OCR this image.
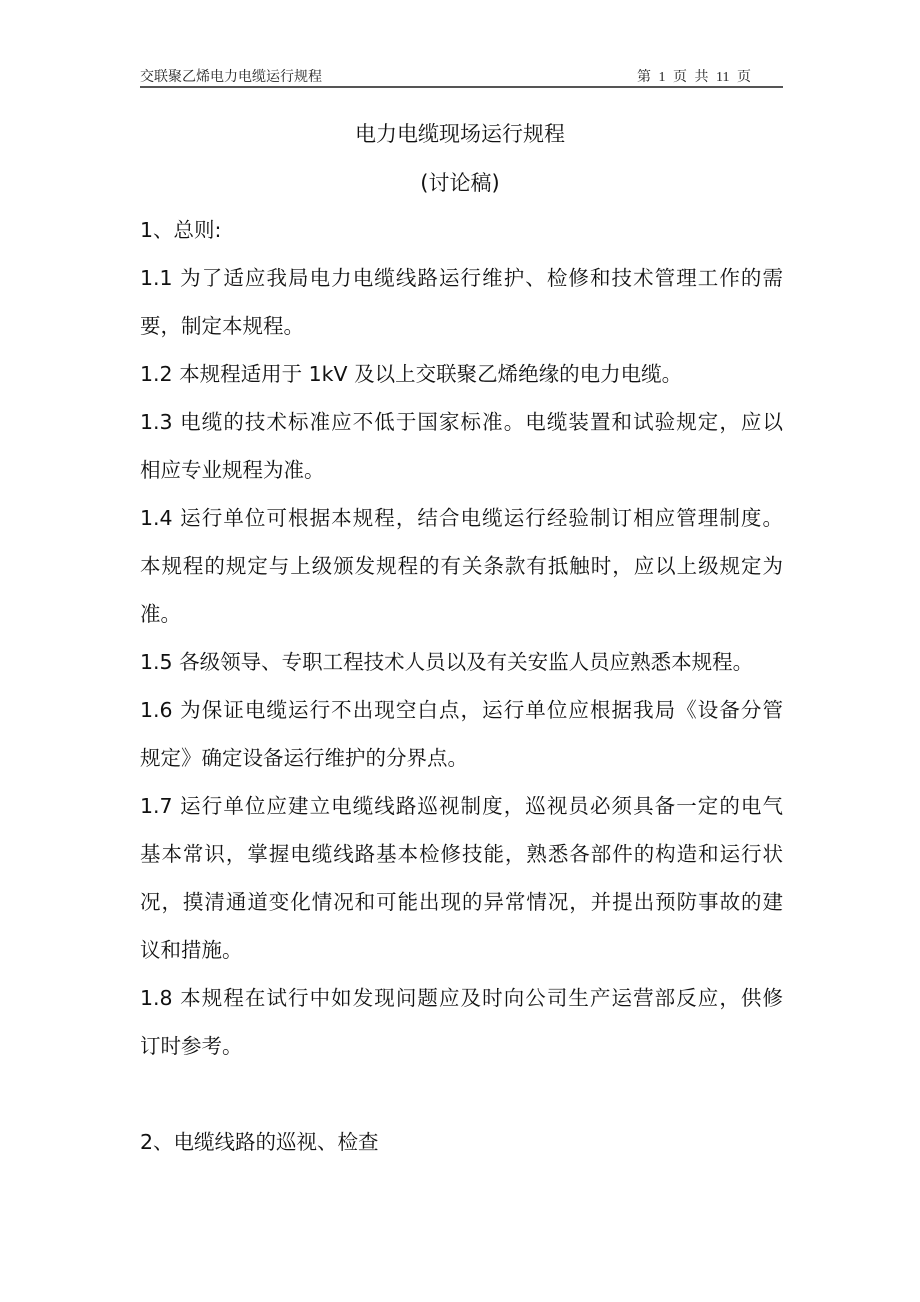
交联聚乙烯电力电缆运行规程	第 1 页 共 11 页
电力电缆现场运行规程
(讨论稿)
1、总则:
1.1 为了适应我局电力电缆线路运行维护、检修和技术管理工作的需
要，制定本规程。
1.2 本规程适用于 1kV 及以上交联聚乙烯绝缘的电力电缆。
1.3 电缆的技术标准应不低于国家标准。电缆装置和试验规定，应以
相应专业规程为准。
1.4 运行单位可根据本规程，结合电缆运行经验制订相应管理制度。
本规程的规定与上级颁发规程的有关条款有抵触时，应以上级规定为
准。
1.5 各级领导、专职工程技术人员以及有关安监人员应熟悉本规程。
1.6 为保证电缆运行不出现空白点，运行单位应根据我局《设备分管
规定》确定设备运行维护的分界点。
1.7 运行单位应建立电缆线路巡视制度，巡视员必须具备一定的电气
基本常识，掌握电缆线路基本检修技能，熟悉各部件的构造和运行状
况，摸清通道变化情况和可能出现的异常情况，并提出预防事故的建
议和措施。
1.8 本规程在试行中如发现问题应及时向公司生产运营部反应，供修
订时参考。
2、电缆线路的巡视、检查
